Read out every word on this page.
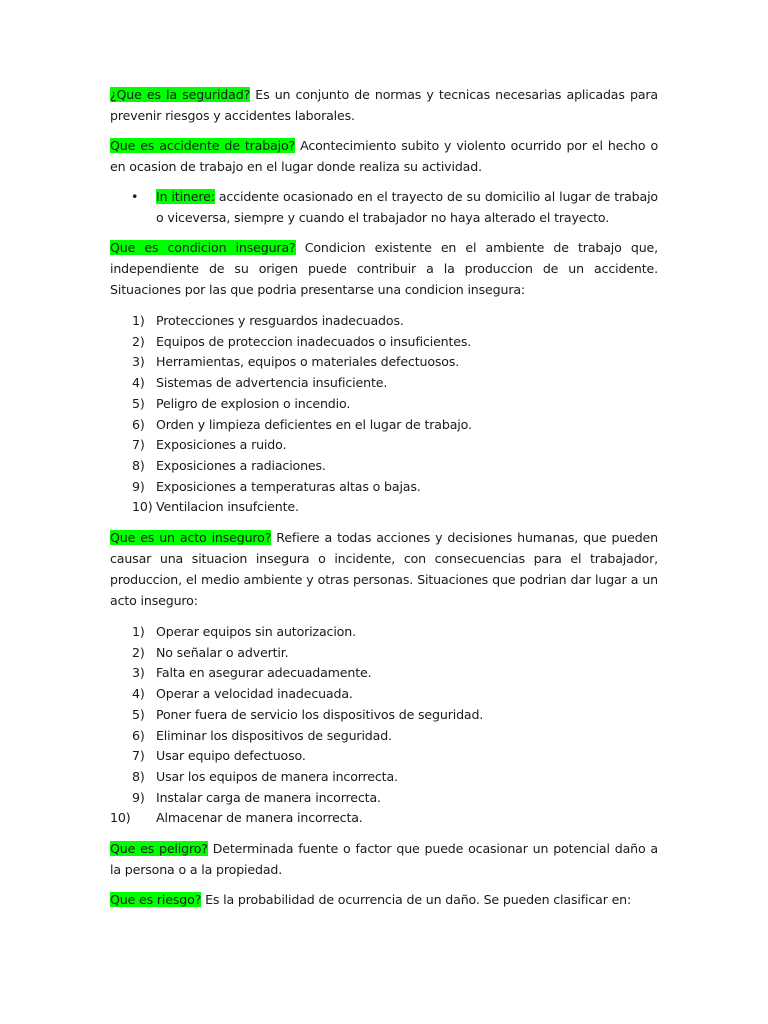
¿Que es la seguridad? Es un conjunto de normas y tecnicas necesarias aplicadas para prevenir riesgos y accidentes laborales.

Que es accidente de trabajo? Acontecimiento subito y violento ocurrido por el hecho o en ocasion de trabajo en el lugar donde realiza su actividad.

• In itinere: accidente ocasionado en el trayecto de su domicilio al lugar de trabajo o viceversa, siempre y cuando el trabajador no haya alterado el trayecto.

Que es condicion insegura? Condicion existente en el ambiente de trabajo que, independiente de su origen puede contribuir a la produccion de un accidente. Situaciones por las que podria presentarse una condicion insegura:

1) Protecciones y resguardos inadecuados.
2) Equipos de proteccion inadecuados o insuficientes.
3) Herramientas, equipos o materiales defectuosos.
4) Sistemas de advertencia insuficiente.
5) Peligro de explosion o incendio.
6) Orden y limpieza deficientes en el lugar de trabajo.
7) Exposiciones a ruido.
8) Exposiciones a radiaciones.
9) Exposiciones a temperaturas altas o bajas.
10) Ventilacion insufciente.

Que es un acto inseguro? Refiere a todas acciones y decisiones humanas, que pueden causar una situacion insegura o incidente, con consecuencias para el trabajador, produccion, el medio ambiente y otras personas. Situaciones que podrian dar lugar a un acto inseguro:

1) Operar equipos sin autorizacion.
2) No señalar o advertir.
3) Falta en asegurar adecuadamente.
4) Operar a velocidad inadecuada.
5) Poner fuera de servicio los dispositivos de seguridad.
6) Eliminar los dispositivos de seguridad.
7) Usar equipo defectuoso.
8) Usar los equipos de manera incorrecta.
9) Instalar carga de manera incorrecta.
10) Almacenar de manera incorrecta.

Que es peligro? Determinada fuente o factor que puede ocasionar un potencial daño a la persona o a la propiedad.

Que es riesgo? Es la probabilidad de ocurrencia de un daño. Se pueden clasificar en:
